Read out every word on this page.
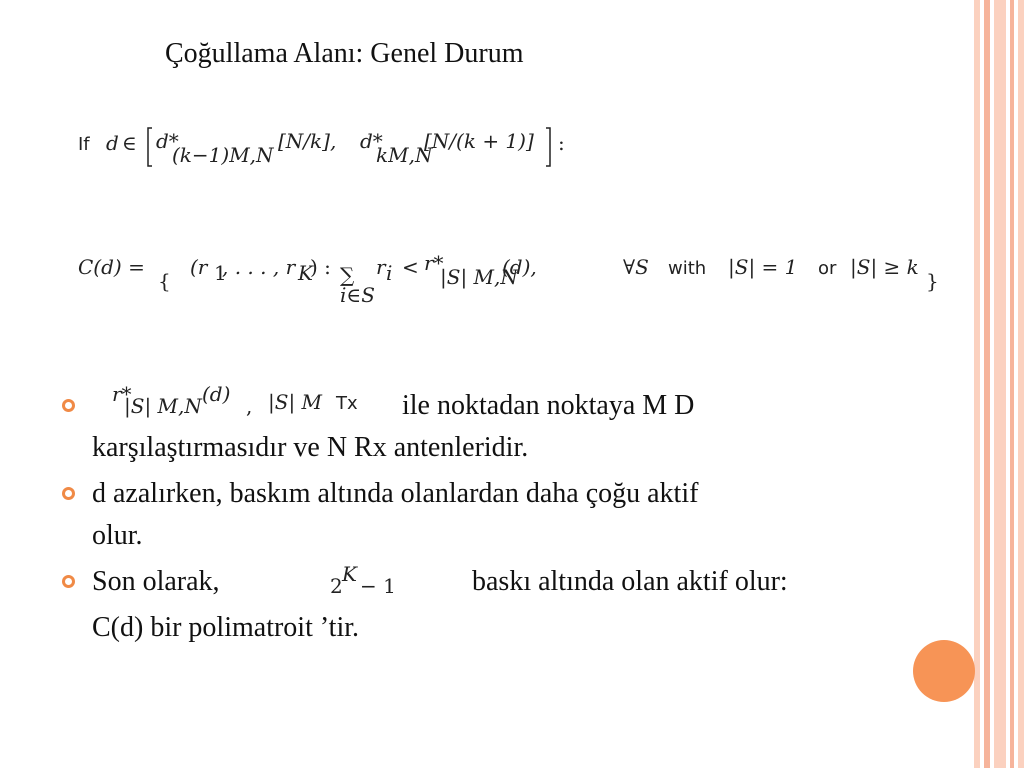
Çoğullama Alanı: Genel Durum
If d ∈ d*
(k−1)M,N
[N/k], d*
kM,N
[N/(k + 1)] :
C(d) =
{
(r 1
, . . . , r K
) : ∑
i∈S
r i < r*
|S| M,N
(d),	∀S with |S| = 1 or |S| ≥ k
}
r*
|S| M,N (d) , |S| M Tx ile noktadan noktaya M D
karşılaştırmasıdır ve N Rx antenleridir.
d azalırken, baskım altında olanlardan daha çoğu aktif
olur.
Son olarak,	2 K − 1	baskı altında olan aktif olur:
C(d) bir polimatroit ’tir.
